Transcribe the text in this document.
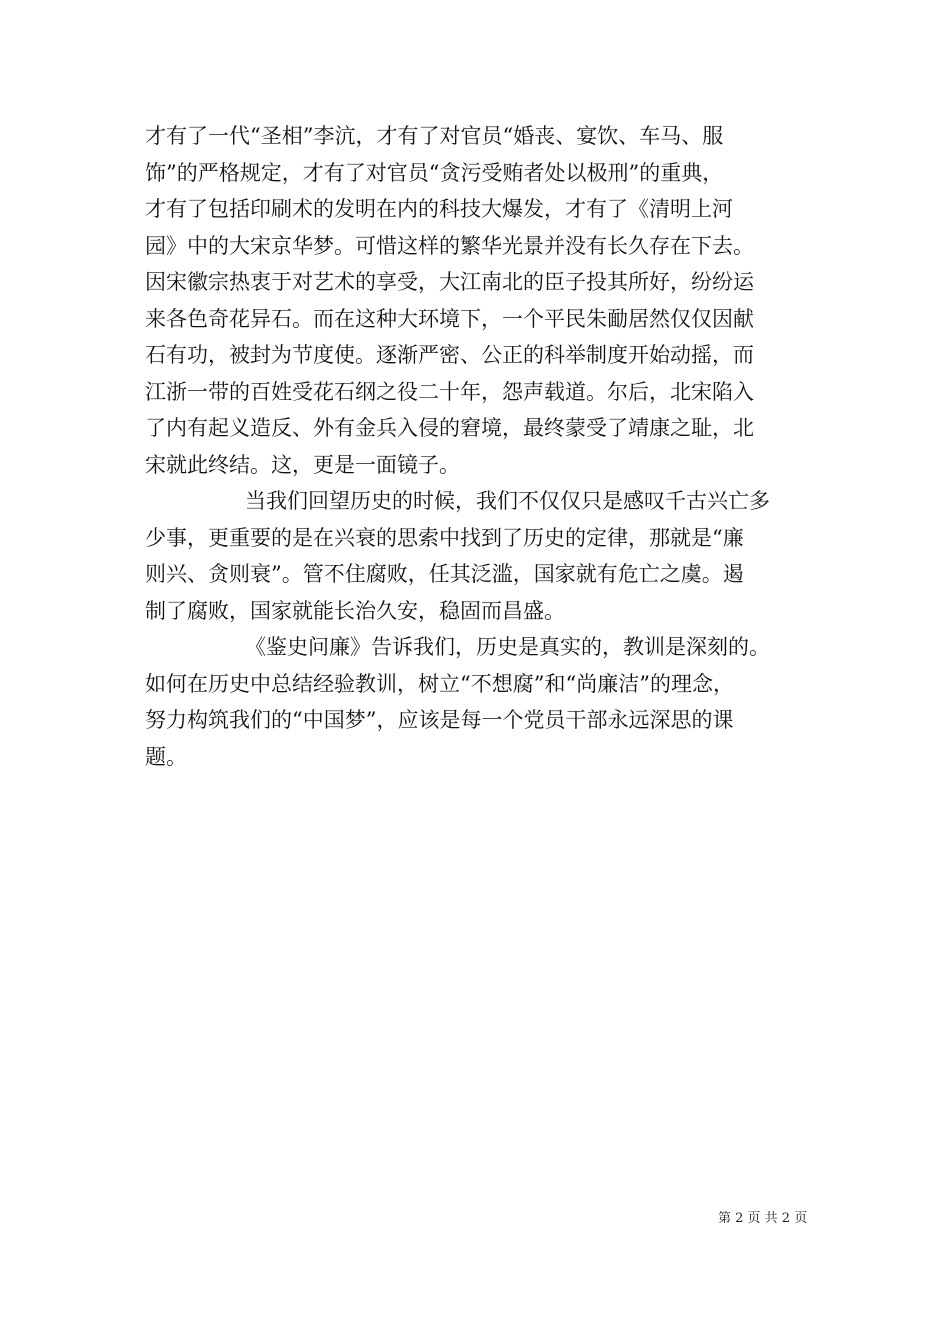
才有了一代“圣相”李沆，才有了对官员“婚丧、宴饮、车马、服
饰”的严格规定，才有了对官员“贪污受贿者处以极刑”的重典，
才有了包括印刷术的发明在内的科技大爆发，才有了《清明上河
园》中的大宋京华梦。可惜这样的繁华光景并没有长久存在下去。
因宋徽宗热衷于对艺术的享受，大江南北的臣子投其所好，纷纷运
来各色奇花异石。而在这种大环境下，一个平民朱勔居然仅仅因献
石有功，被封为节度使。逐渐严密、公正的科举制度开始动摇，而
江浙一带的百姓受花石纲之役二十年，怨声载道。尔后，北宋陷入
了内有起义造反、外有金兵入侵的窘境，最终蒙受了靖康之耻，北
宋就此终结。这，更是一面镜子。
当我们回望历史的时候，我们不仅仅只是感叹千古兴亡多
少事，更重要的是在兴衰的思索中找到了历史的定律，那就是“廉
则兴、贪则衰”。管不住腐败，任其泛滥，国家就有危亡之虞。遏
制了腐败，国家就能长治久安，稳固而昌盛。
《鉴史问廉》告诉我们，历史是真实的，教训是深刻的。
如何在历史中总结经验教训，树立“不想腐”和“尚廉洁”的理念，
努力构筑我们的“中国梦”，应该是每一个党员干部永远深思的课
题。
第 2 页 共 2 页
